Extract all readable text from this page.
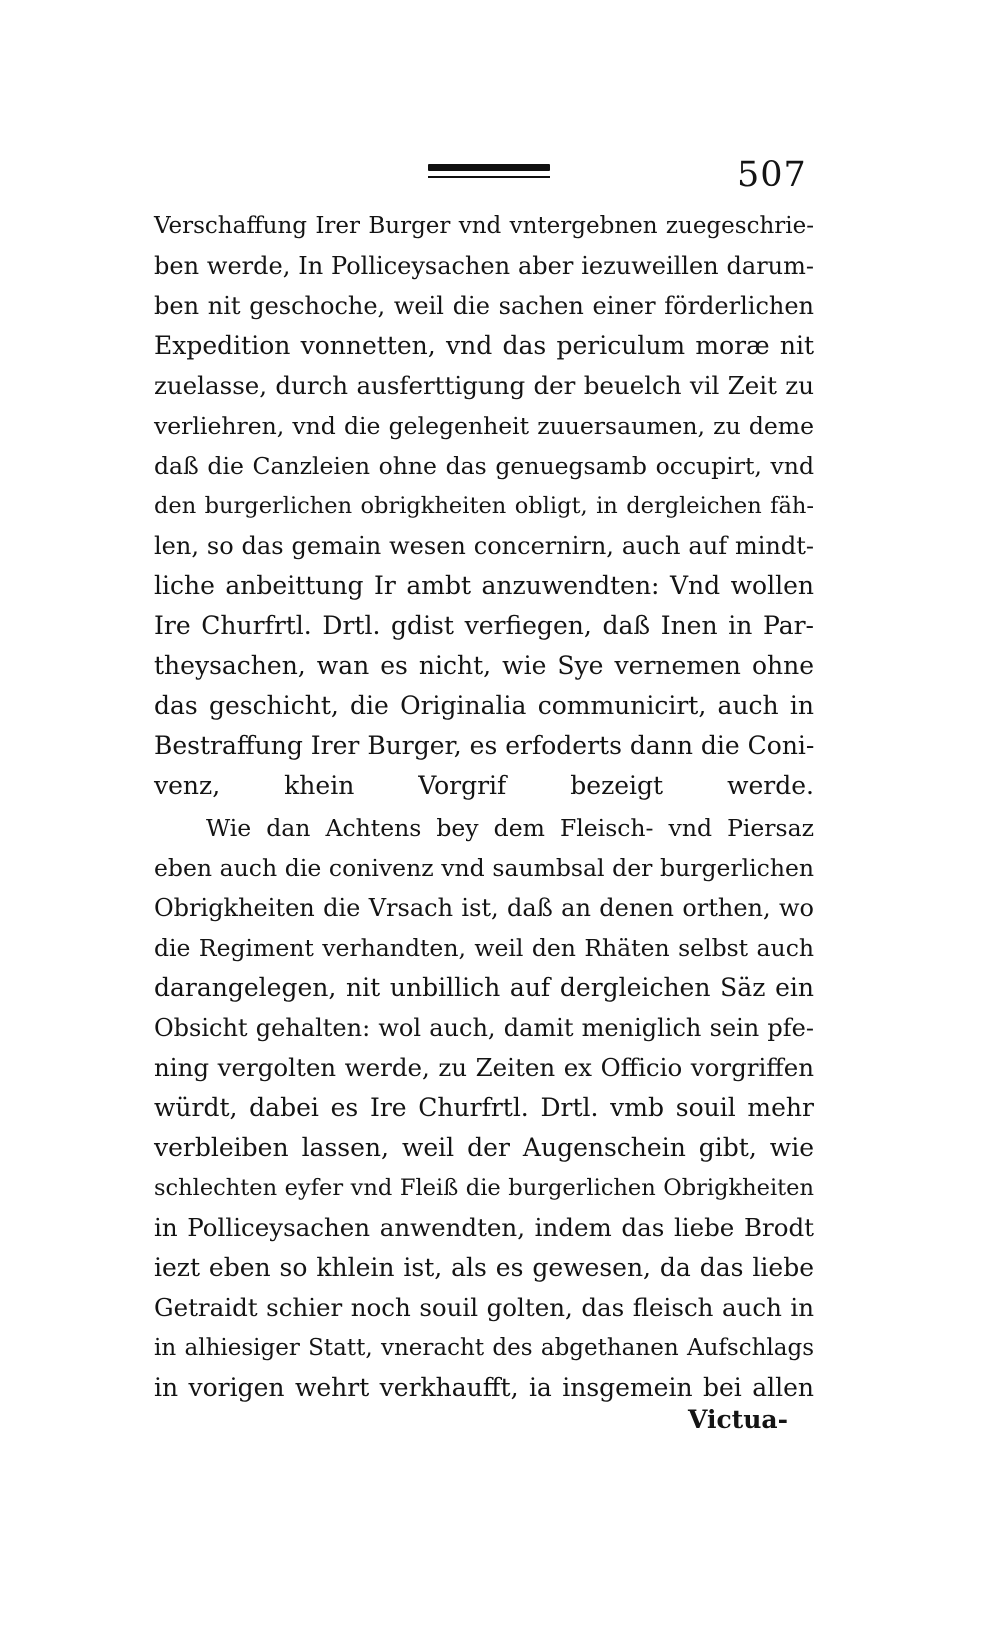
507
Verschaffung Irer Burger vnd vntergebnen zuegeschrie-
ben werde, In Polliceysachen aber iezuweillen darum-
ben nit geschoche, weil die sachen einer förderlichen
Expedition vonnetten, vnd das periculum moræ nit
zuelasse, durch ausferttigung der beuelch vil Zeit zu
verliehren, vnd die gelegenheit zuuersaumen, zu deme
daß die Canzleien ohne das genuegsamb occupirt, vnd
den burgerlichen obrigkheiten obligt, in dergleichen fäh-
len, so das gemain wesen concernirn, auch auf mindt-
liche anbeittung Ir ambt anzuwendten: Vnd wollen
Ire Churfrtl. Drtl. gdist verfiegen, daß Inen in Par-
theysachen, wan es nicht, wie Sye vernemen ohne
das geschicht, die Originalia communicirt, auch in
Bestraffung Irer Burger, es erfoderts dann die Coni-
venz, khein Vorgrif bezeigt werde.
Wie dan Achtens bey dem Fleisch- vnd Piersaz
eben auch die conivenz vnd saumbsal der burgerlichen
Obrigkheiten die Vrsach ist, daß an denen orthen, wo
die Regiment verhandten, weil den Rhäten selbst auch
darangelegen, nit unbillich auf dergleichen Säz ein
Obsicht gehalten: wol auch, damit meniglich sein pfe-
ning vergolten werde, zu Zeiten ex Officio vorgriffen
würdt, dabei es Ire Churfrtl. Drtl. vmb souil mehr
verbleiben lassen, weil der Augenschein gibt, wie
schlechten eyfer vnd Fleiß die burgerlichen Obrigkheiten
in Polliceysachen anwendten, indem das liebe Brodt
iezt eben so khlein ist, als es gewesen, da das liebe
Getraidt schier noch souil golten, das fleisch auch in
in alhiesiger Statt, vneracht des abgethanen Aufschlags
in vorigen wehrt verkhaufft, ia insgemein bei allen
Victua-
